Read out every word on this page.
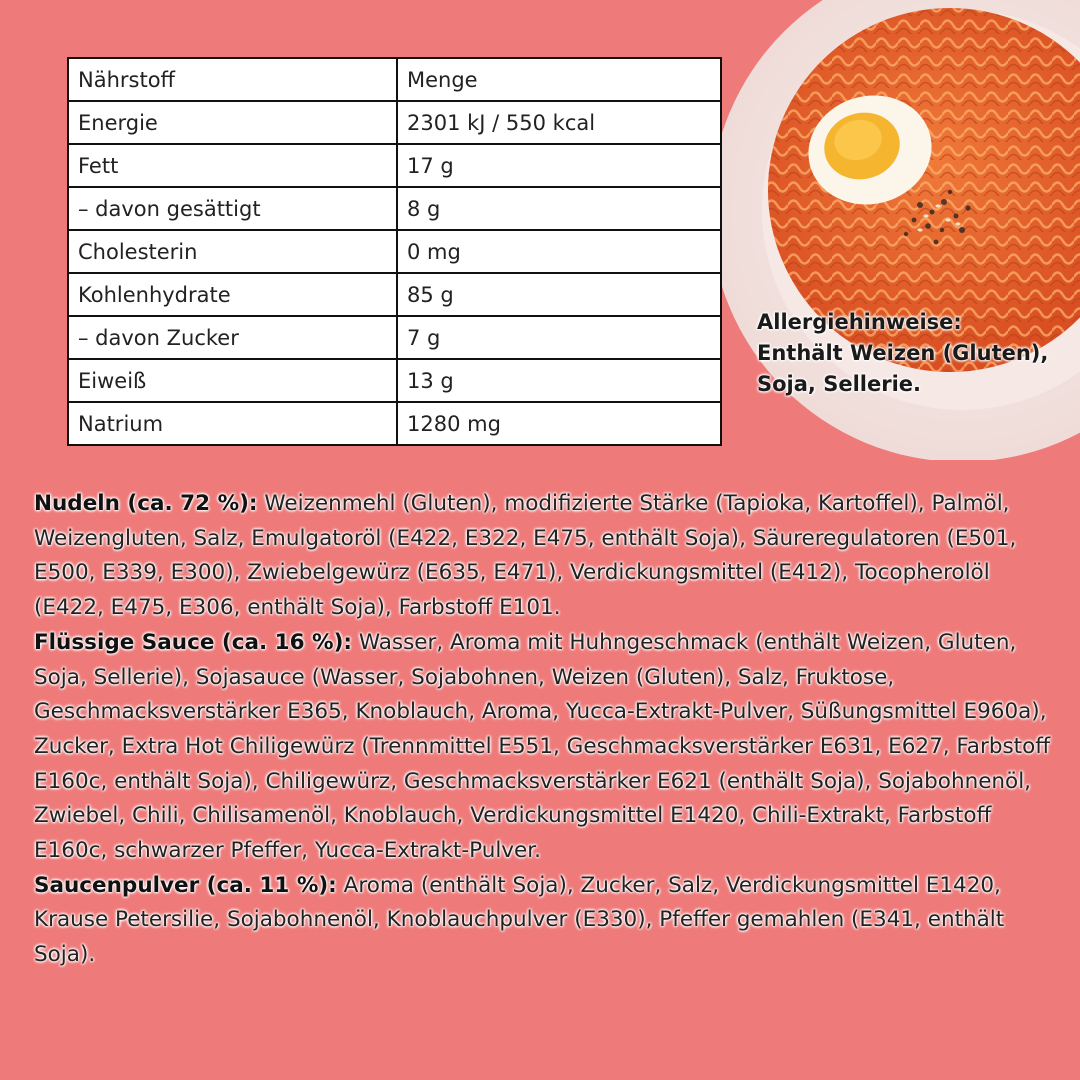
Nährstoff	Menge
Energie	2301 kJ / 550 kcal
Fett	17 g
– davon gesättigt	8 g
Cholesterin	0 mg
Kohlenhydrate	85 g
– davon Zucker	7 g
Eiweiß	13 g
Natrium	1280 mg
Allergiehinweise:
Enthält Weizen (Gluten),
Soja, Sellerie.

Nudeln (ca. 72 %): Weizenmehl (Gluten), modifizierte Stärke (Tapioka, Kartoffel), Palmöl, Weizengluten, Salz, Emulgatoröl (E422, E322, E475, enthält Soja), Säureregulatoren (E501, E500, E339, E300), Zwiebelgewürz (E635, E471), Verdickungsmittel (E412), Tocopherolöl (E422, E475, E306, enthält Soja), Farbstoff E101.

Flüssige Sauce (ca. 16 %): Wasser, Aroma mit Huhngeschmack (enthält Weizen, Gluten, Soja, Sellerie), Sojasauce (Wasser, Sojabohnen, Weizen (Gluten), Salz, Fruktose, Geschmacksverstärker E365, Knoblauch, Aroma, Yucca-Extrakt-Pulver, Süßungsmittel E960a), Zucker, Extra Hot Chiligewürz (Trennmittel E551, Geschmacksverstärker E631, E627, Farbstoff E160c, enthält Soja), Chiligewürz, Geschmacksverstärker E621 (enthält Soja), Sojabohnenöl, Zwiebel, Chili, Chilisamenöl, Knoblauch, Verdickungsmittel E1420, Chili-Extrakt, Farbstoff E160c, schwarzer Pfeffer, Yucca-Extrakt-Pulver.

Saucenpulver (ca. 11 %): Aroma (enthält Soja), Zucker, Salz, Verdickungsmittel E1420, Krause Petersilie, Sojabohnenöl, Knoblauchpulver (E330), Pfeffer gemahlen (E341, enthält Soja).
